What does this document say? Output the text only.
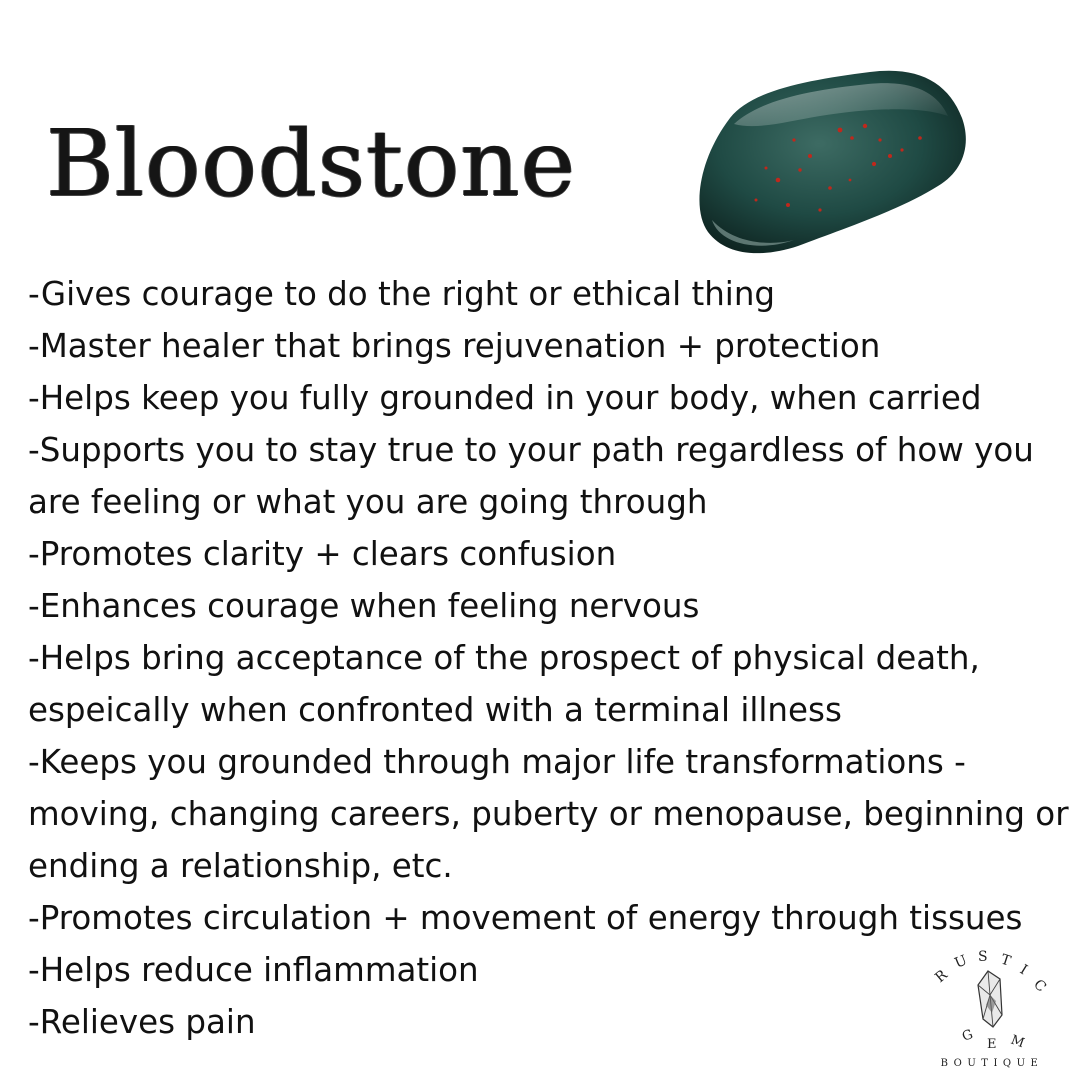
Bloodstone
-Gives courage to do the right or ethical thing
-Master healer that brings rejuvenation + protection
-Helps keep you fully grounded in your body, when carried
-Supports you to stay true to your path regardless of how you
are feeling or what you are going through
-Promotes clarity + clears confusion
-Enhances courage when feeling nervous
-Helps bring acceptance of the prospect of physical death,
espeically when confronted with a terminal illness
-Keeps you grounded through major life transformations -
moving, changing careers, puberty or menopause, beginning or
ending a relationship, etc.
-Promotes circulation + movement of energy through tissues
-Helps reduce inflammation
-Relieves pain
R
U S T
I
C
G E M
BOUTIQUE
